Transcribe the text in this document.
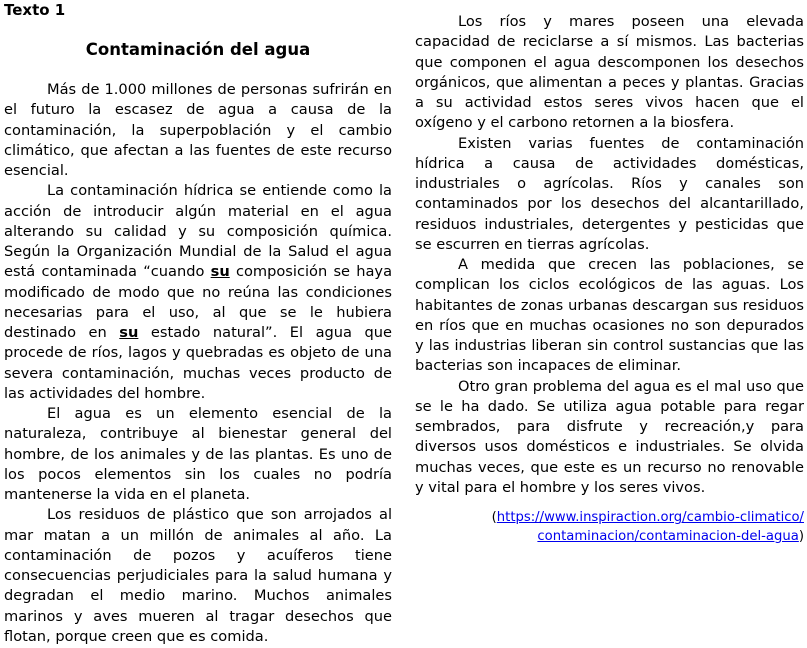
Texto 1
Contaminación del agua

Más de 1.000 millones de personas sufrirán en el futuro la escasez de agua a causa de la contaminación, la superpoblación y el cambio climático, que afectan a las fuentes de este recurso esencial.

La contaminación hídrica se entiende como la acción de introducir algún material en el agua alterando su calidad y su composición química. Según la Organización Mundial de la Salud el agua está contaminada “cuando su composición se haya modificado de modo que no reúna las condiciones necesarias para el uso, al que se le hubiera destinado en su estado natural”. El agua que procede de ríos, lagos y quebradas es objeto de una severa contaminación, muchas veces producto de las actividades del hombre.

El agua es un elemento esencial de la naturaleza, contribuye al bienestar general del hombre, de los animales y de las plantas. Es uno de los pocos elementos sin los cuales no podría mantenerse la vida en el planeta.

Los residuos de plástico que son arrojados al mar matan a un millón de animales al año. La contaminación de pozos y acuíferos tiene consecuencias perjudiciales para la salud humana y degradan el medio marino. Muchos animales marinos y aves mueren al tragar desechos que flotan, porque creen que es comida.

Los ríos y mares poseen una elevada capacidad de reciclarse a sí mismos. Las bacterias que componen el agua descomponen los desechos orgánicos, que alimentan a peces y plantas. Gracias a su actividad estos seres vivos hacen que el oxígeno y el carbono retornen a la biosfera.

Existen varias fuentes de contaminación hídrica a causa de actividades domésticas, industriales o agrícolas. Ríos y canales son contaminados por los desechos del alcantarillado, residuos industriales, detergentes y pesticidas que se escurren en tierras agrícolas.

A medida que crecen las poblaciones, se complican los ciclos ecológicos de las aguas. Los habitantes de zonas urbanas descargan sus residuos en ríos que en muchas ocasiones no son depurados y las industrias liberan sin control sustancias que las bacterias son incapaces de eliminar.

Otro gran problema del agua es el mal uso que se le ha dado. Se utiliza agua potable para regar sembrados, para disfrute y recreación,y para diversos usos domésticos e industriales. Se olvida muchas veces, que este es un recurso no renovable y vital para el hombre y los seres vivos.

(https://www.inspiraction.org/cambio-climatico/
contaminacion/contaminacion-del-agua)
